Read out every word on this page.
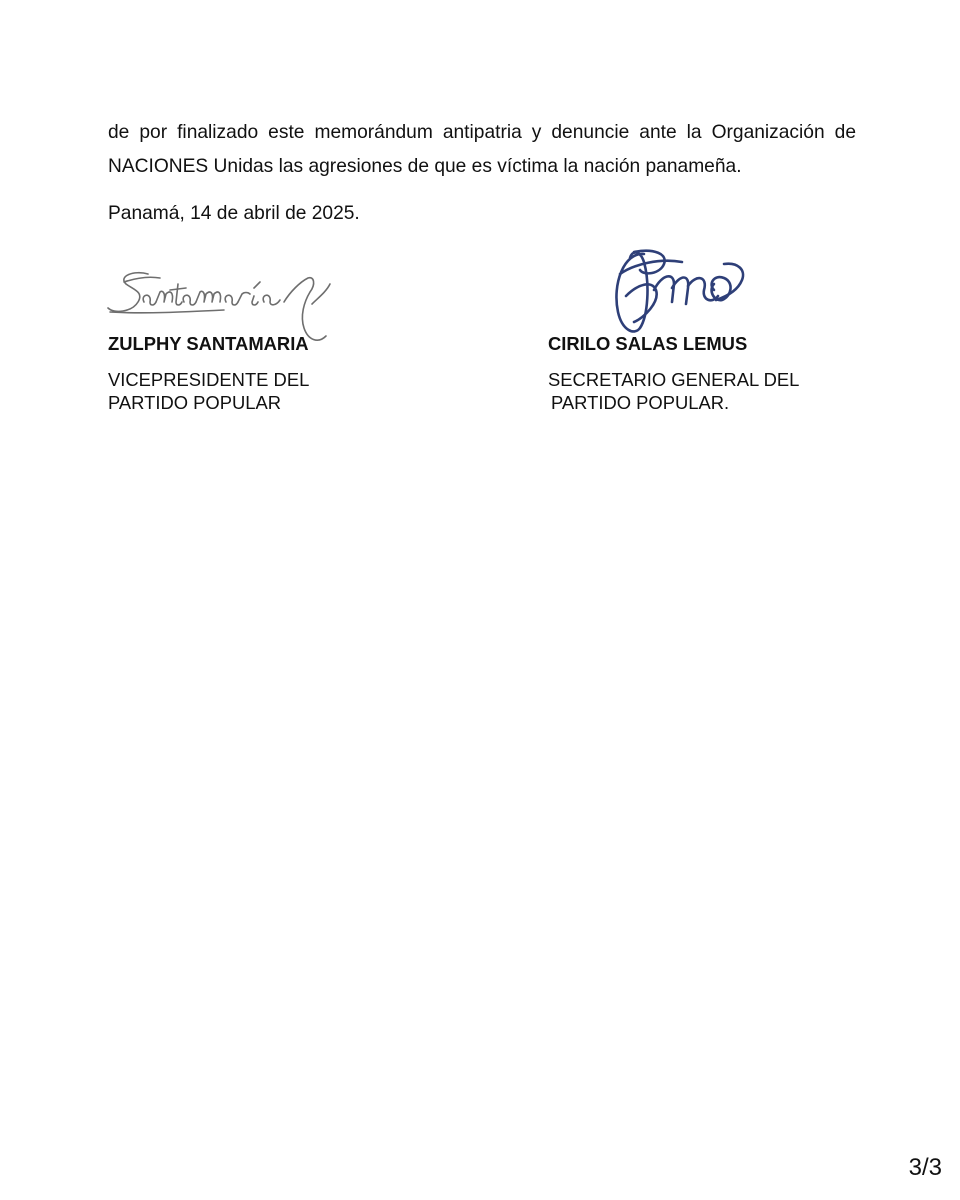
de por finalizado este memorándum antipatria y denuncie ante la Organización de
NACIONES Unidas las agresiones de que es víctima la nación panameña.

Panamá, 14 de abril de 2025.

ZULPHY SANTAMARIA	CIRILO SALAS LEMUS

VICEPRESIDENTE DEL

PARTIDO POPULAR

SECRETARIO GENERAL DEL

PARTIDO POPULAR.

3/3
